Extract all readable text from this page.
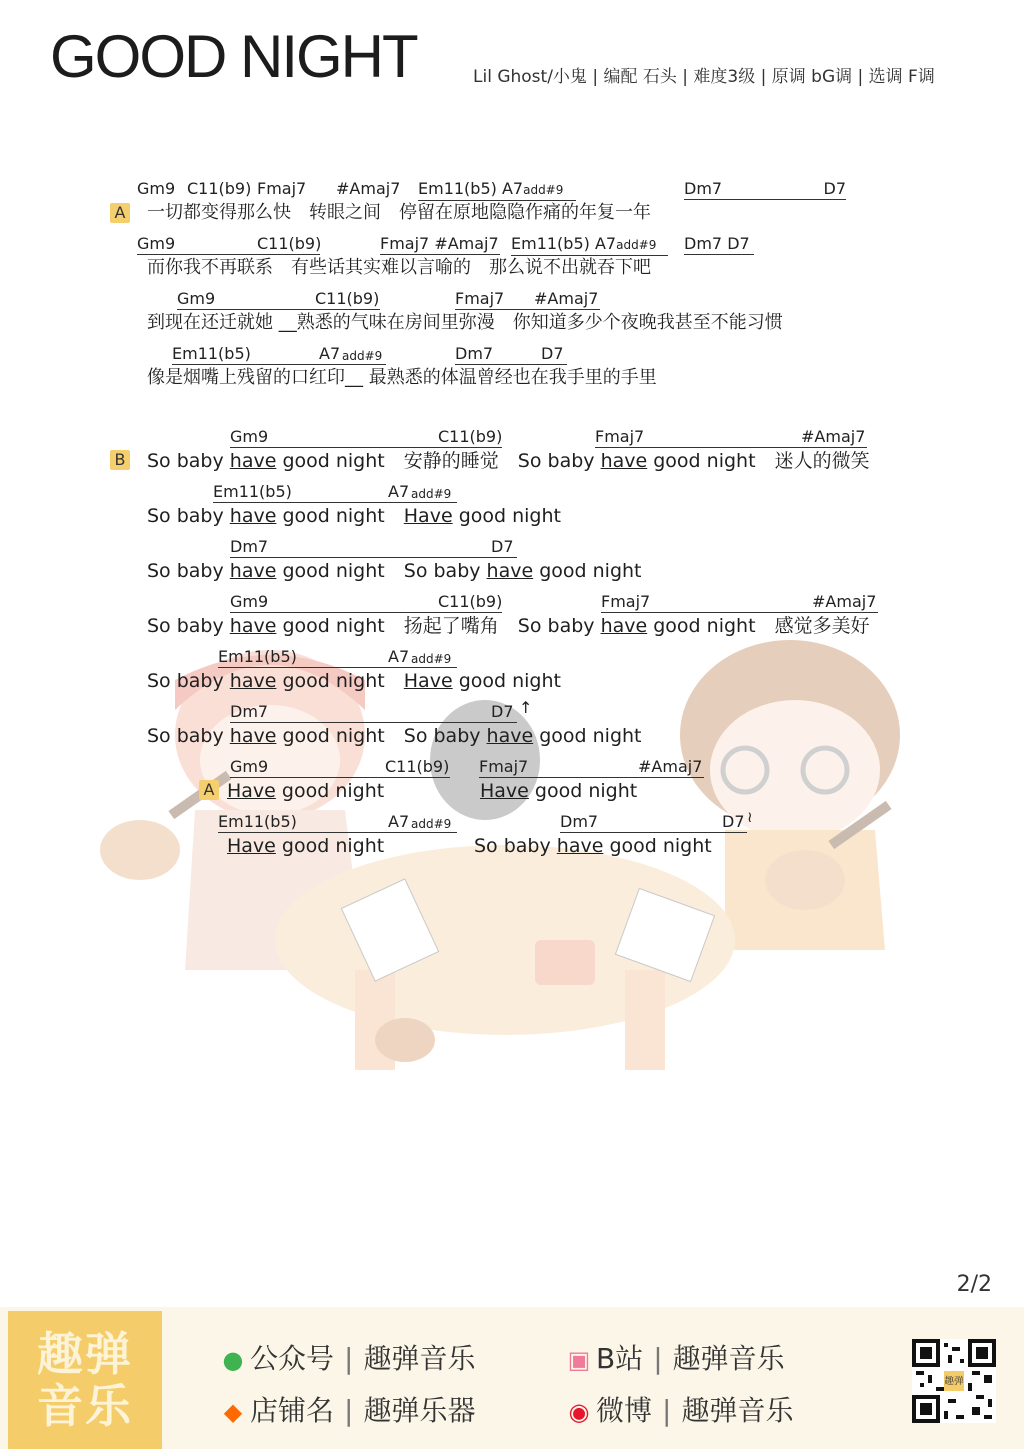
GOOD NIGHT	Lil Ghost/小鬼 | 编配 石头 | 难度3级 | 原调 bG调 | 选调 F调
A
Gm9 C11(b9) Fmaj7 #Amaj7 Em11(b5) A7add#9	Dm7	D7
一切都变得那么快　转眼之间　停留在原地隐隐作痛的年复一年
Gm9	C11(b9)	Fmaj7 #Amaj7 Em11(b5) A7add#9	Dm7 D7
而你我不再联系　有些话其实难以言喻的　那么说不出就吞下吧
Gm9	C11(b9)	Fmaj7 #Amaj7
到现在还迁就她 __熟悉的气味在房间里弥漫　你知道多少个夜晚我甚至不能习惯
Em11(b5)	A7 add#9	Dm7	D7
像是烟嘴上残留的口红印__ 最熟悉的体温曾经也在我手里的手里
B
Gm9	C11(b9)	Fmaj7	#Amaj7
So baby have good night　 安静的睡觉　 So baby have good night　 迷人的微笑
Em11(b5)	A7 add#9
So baby have good night　 Have good night
Dm7	D7
So baby have good night　 So baby have good night
Gm9	C11(b9)	Fmaj7	#Amaj7
So baby have good night　 扬起了嘴角　 So baby have good night　 感觉多美好
Em11(b5)	A7 add#9
So baby have good night　 Have good night
Dm7	D7 ↑
So baby have good night　 So baby have good night
A
Gm9	C11(b9) Fmaj7	#Amaj7
Have good night	Have good night
Em11(b5)	A7 add#9	Dm7	D7 ≀
Have good night	So baby have good night
2/2
趣弹
音乐
● 公众号 | 趣弹音乐
◆ 店铺名 | 趣弹乐器
▣ B站 | 趣弹音乐
◉ 微博 | 趣弹音乐
趣弹
